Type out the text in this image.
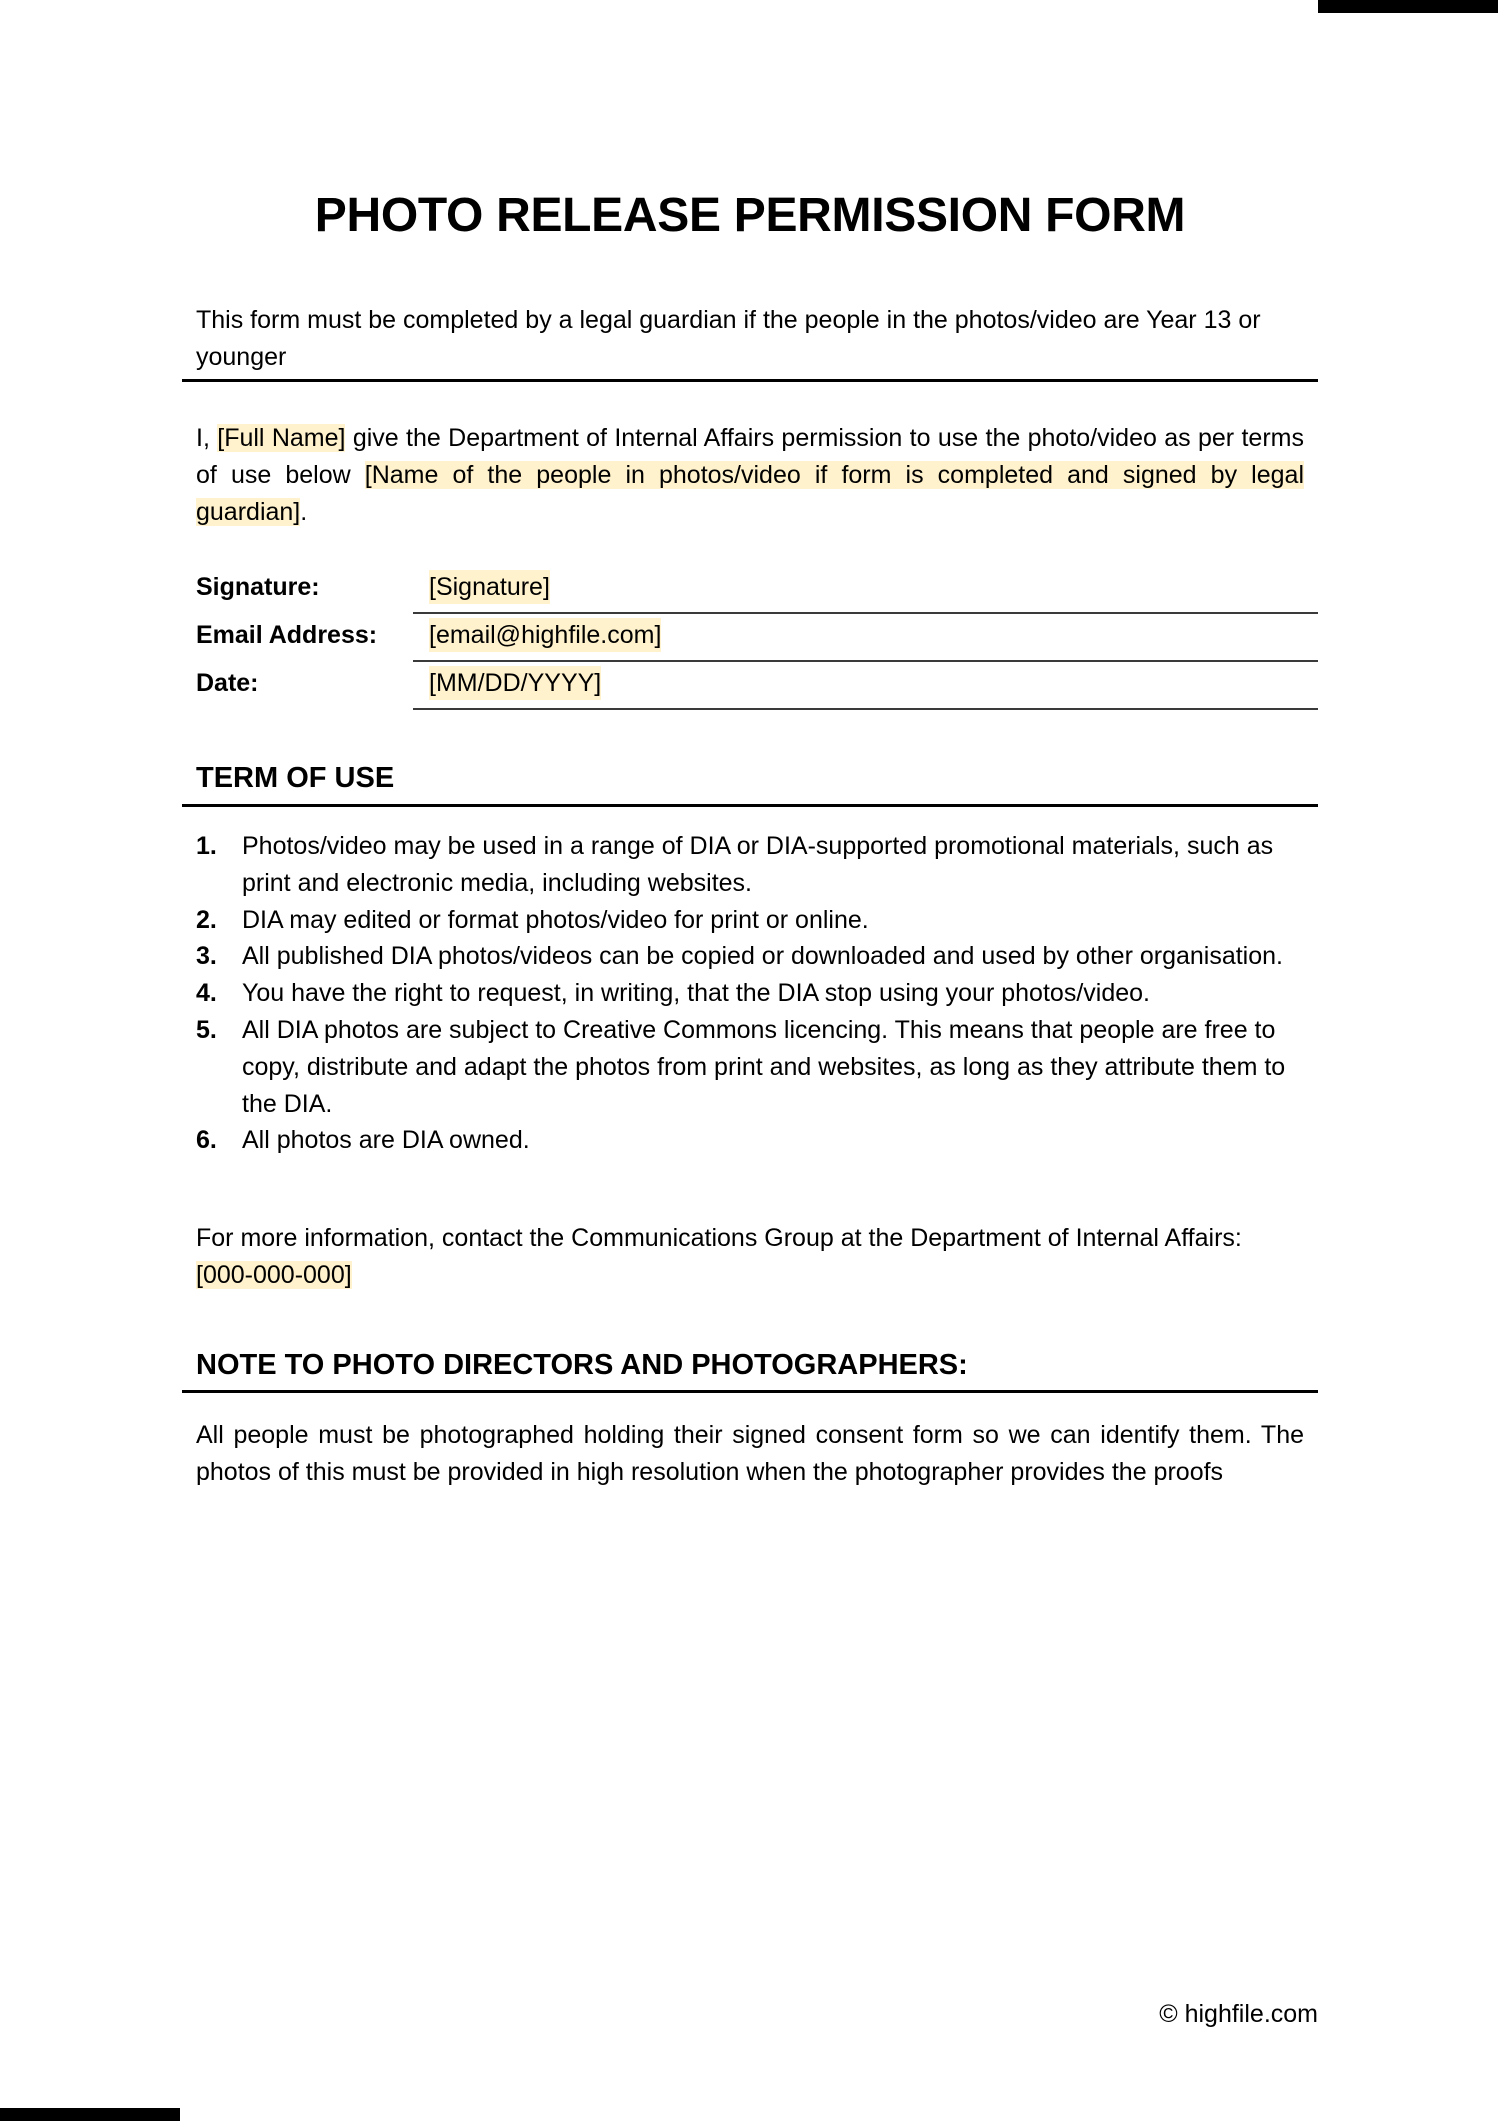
PHOTO RELEASE PERMISSION FORM

This form must be completed by a legal guardian if the people in the photos/video are Year 13 or younger

I, [Full Name] give the Department of Internal Affairs permission to use the photo/video as per terms of use below [Name of the people in photos/video if form is completed and signed by legal guardian].

Signature:	[Signature]
Email Address: [email@highfile.com]
Date:	[MM/DD/YYYY]
TERM OF USE
1. Photos/video may be used in a range of DIA or DIA-supported promotional materials, such as print and electronic media, including websites.
2. DIA may edited or format photos/video for print or online.
3. All published DIA photos/videos can be copied or downloaded and used by other organisation.
4. You have the right to request, in writing, that the DIA stop using your photos/video.
5. All DIA photos are subject to Creative Commons licencing. This means that people are free to copy, distribute and adapt the photos from print and websites, as long as they attribute them to the DIA.
6. All photos are DIA owned.

For more information, contact the Communications Group at the Department of Internal Affairs: [000-000-000]

NOTE TO PHOTO DIRECTORS AND PHOTOGRAPHERS:

All people must be photographed holding their signed consent form so we can identify them. The photos of this must be provided in high resolution when the photographer provides the proofs

© highfile.com
